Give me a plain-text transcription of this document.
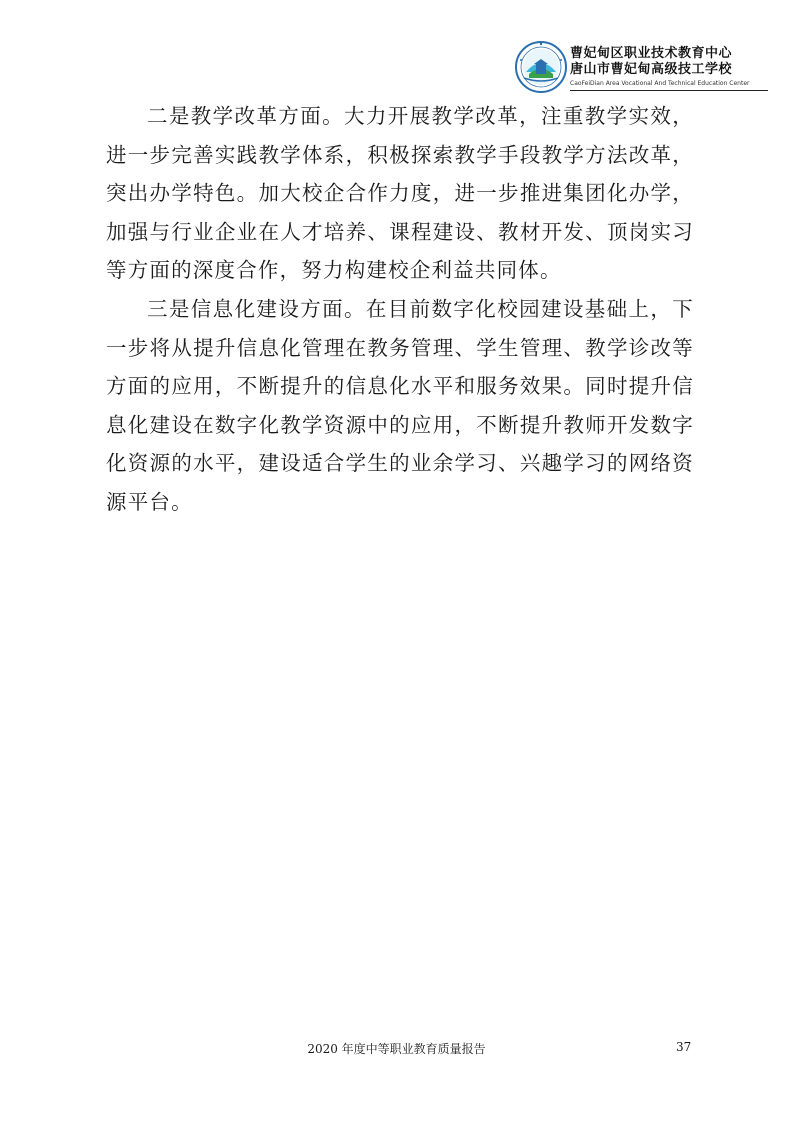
曹妃甸区职业技术教育中心
唐山市曹妃甸高级技工学校
CaoFeiDian Area Vocational And Technical Education Center

二是教学改革方面。大力开展教学改革，注重教学实效，进一步完善实践教学体系，积极探索教学手段教学方法改革，突出办学特色。加大校企合作力度，进一步推进集团化办学，加强与行业企业在人才培养、课程建设、教材开发、顶岗实习等方面的深度合作，努力构建校企利益共同体。

三是信息化建设方面。在目前数字化校园建设基础上，下一步将从提升信息化管理在教务管理、学生管理、教学诊改等方面的应用，不断提升的信息化水平和服务效果。同时提升信息化建设在数字化教学资源中的应用，不断提升教师开发数字化资源的水平，建设适合学生的业余学习、兴趣学习的网络资源平台。

2020 年度中等职业教育质量报告	37
